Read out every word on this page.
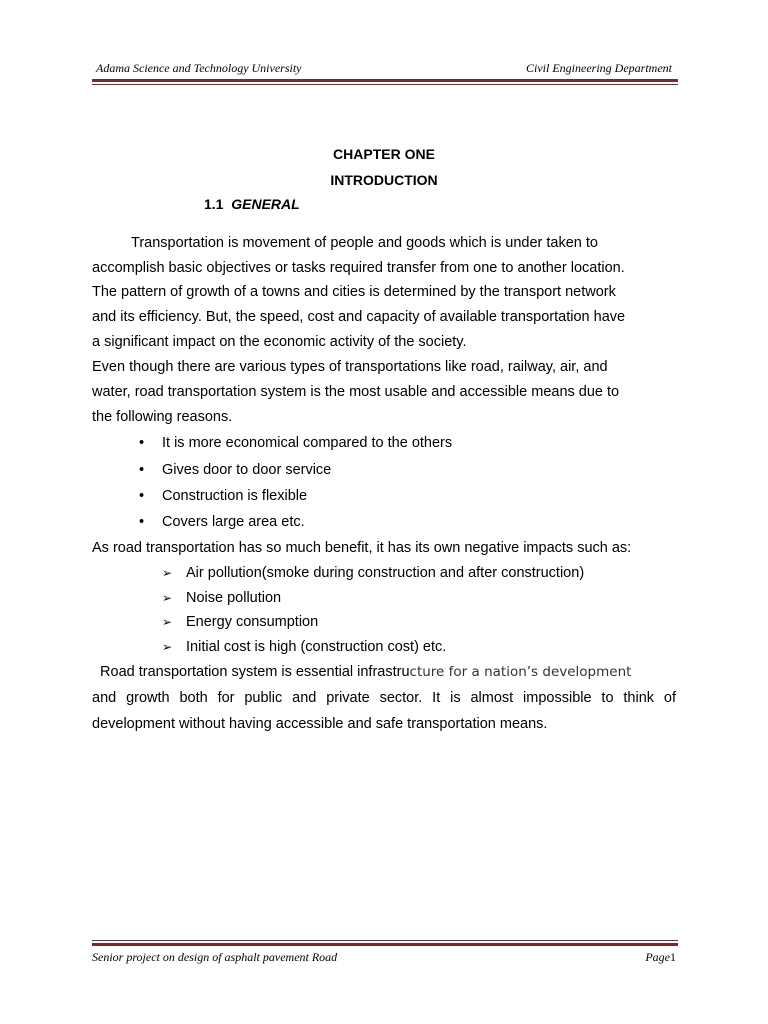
Adama Science and Technology University	Civil Engineering Department
CHAPTER ONE
INTRODUCTION
1.1 GENERAL
Transportation is movement of people and goods which is under taken to
accomplish basic objectives or tasks required transfer from one to another location.
The pattern of growth of a towns and cities is determined by the transport network
and its efficiency. But, the speed, cost and capacity of available transportation have
a significant impact on the economic activity of the society.
Even though there are various types of transportations like road, railway, air, and
water, road transportation system is the most usable and accessible means due to
the following reasons.
• It is more economical compared to the others
• Gives door to door service
• Construction is flexible
• Covers large area etc.
As road transportation has so much benefit, it has its own negative impacts such as:
➢ Air pollution(smoke during construction and after construction)
➢ Noise pollution
➢ Energy consumption
➢ Initial cost is high (construction cost) etc.
Road transportation system is essential infrastructure for a nation’s development
and growth both for public and private sector. It is almost impossible to think of
development without having accessible and safe transportation means.
Senior project on design of asphalt pavement Road	Page1
